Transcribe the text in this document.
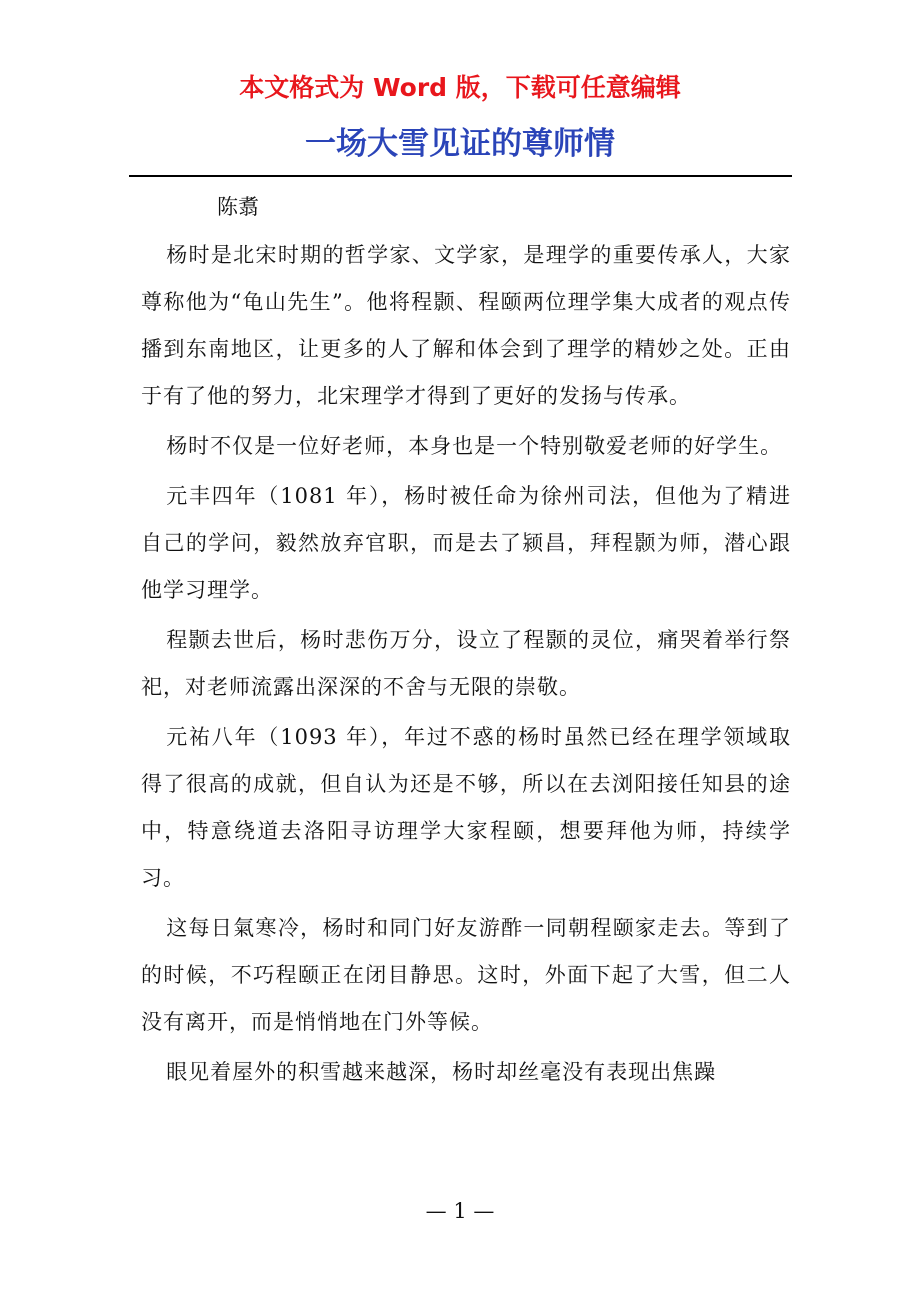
本文格式为 Word 版，下载可任意编辑
一场大雪见证的尊师情
陈翥

杨时是北宋时期的哲学家、文学家，是理学的重要传承人，大家尊称他为“龟山先生”。他将程颢、程颐两位理学集大成者的观点传播到东南地区，让更多的人了解和体会到了理学的精妙之处。正由于有了他的努力，北宋理学才得到了更好的发扬与传承。

杨时不仅是一位好老师，本身也是一个特别敬爱老师的好学生。

元丰四年（1081 年），杨时被任命为徐州司法，但他为了精进自己的学问，毅然放弃官职，而是去了颍昌，拜程颢为师，潜心跟他学习理学。

程颢去世后，杨时悲伤万分，设立了程颢的灵位，痛哭着举行祭祀，对老师流露出深深的不舍与无限的崇敬。

元祐八年（1093 年），年过不惑的杨时虽然已经在理学领域取得了很高的成就，但自认为还是不够，所以在去浏阳接任知县的途中，特意绕道去洛阳寻访理学大家程颐，想要拜他为师，持续学习。

这每日氣寒冷，杨时和同门好友游酢一同朝程颐家走去。等到了的时候，不巧程颐正在闭目静思。这时，外面下起了大雪，但二人没有离开，而是悄悄地在门外等候。

眼见着屋外的积雪越来越深，杨时却丝毫没有表现出焦躁

— 1 —
